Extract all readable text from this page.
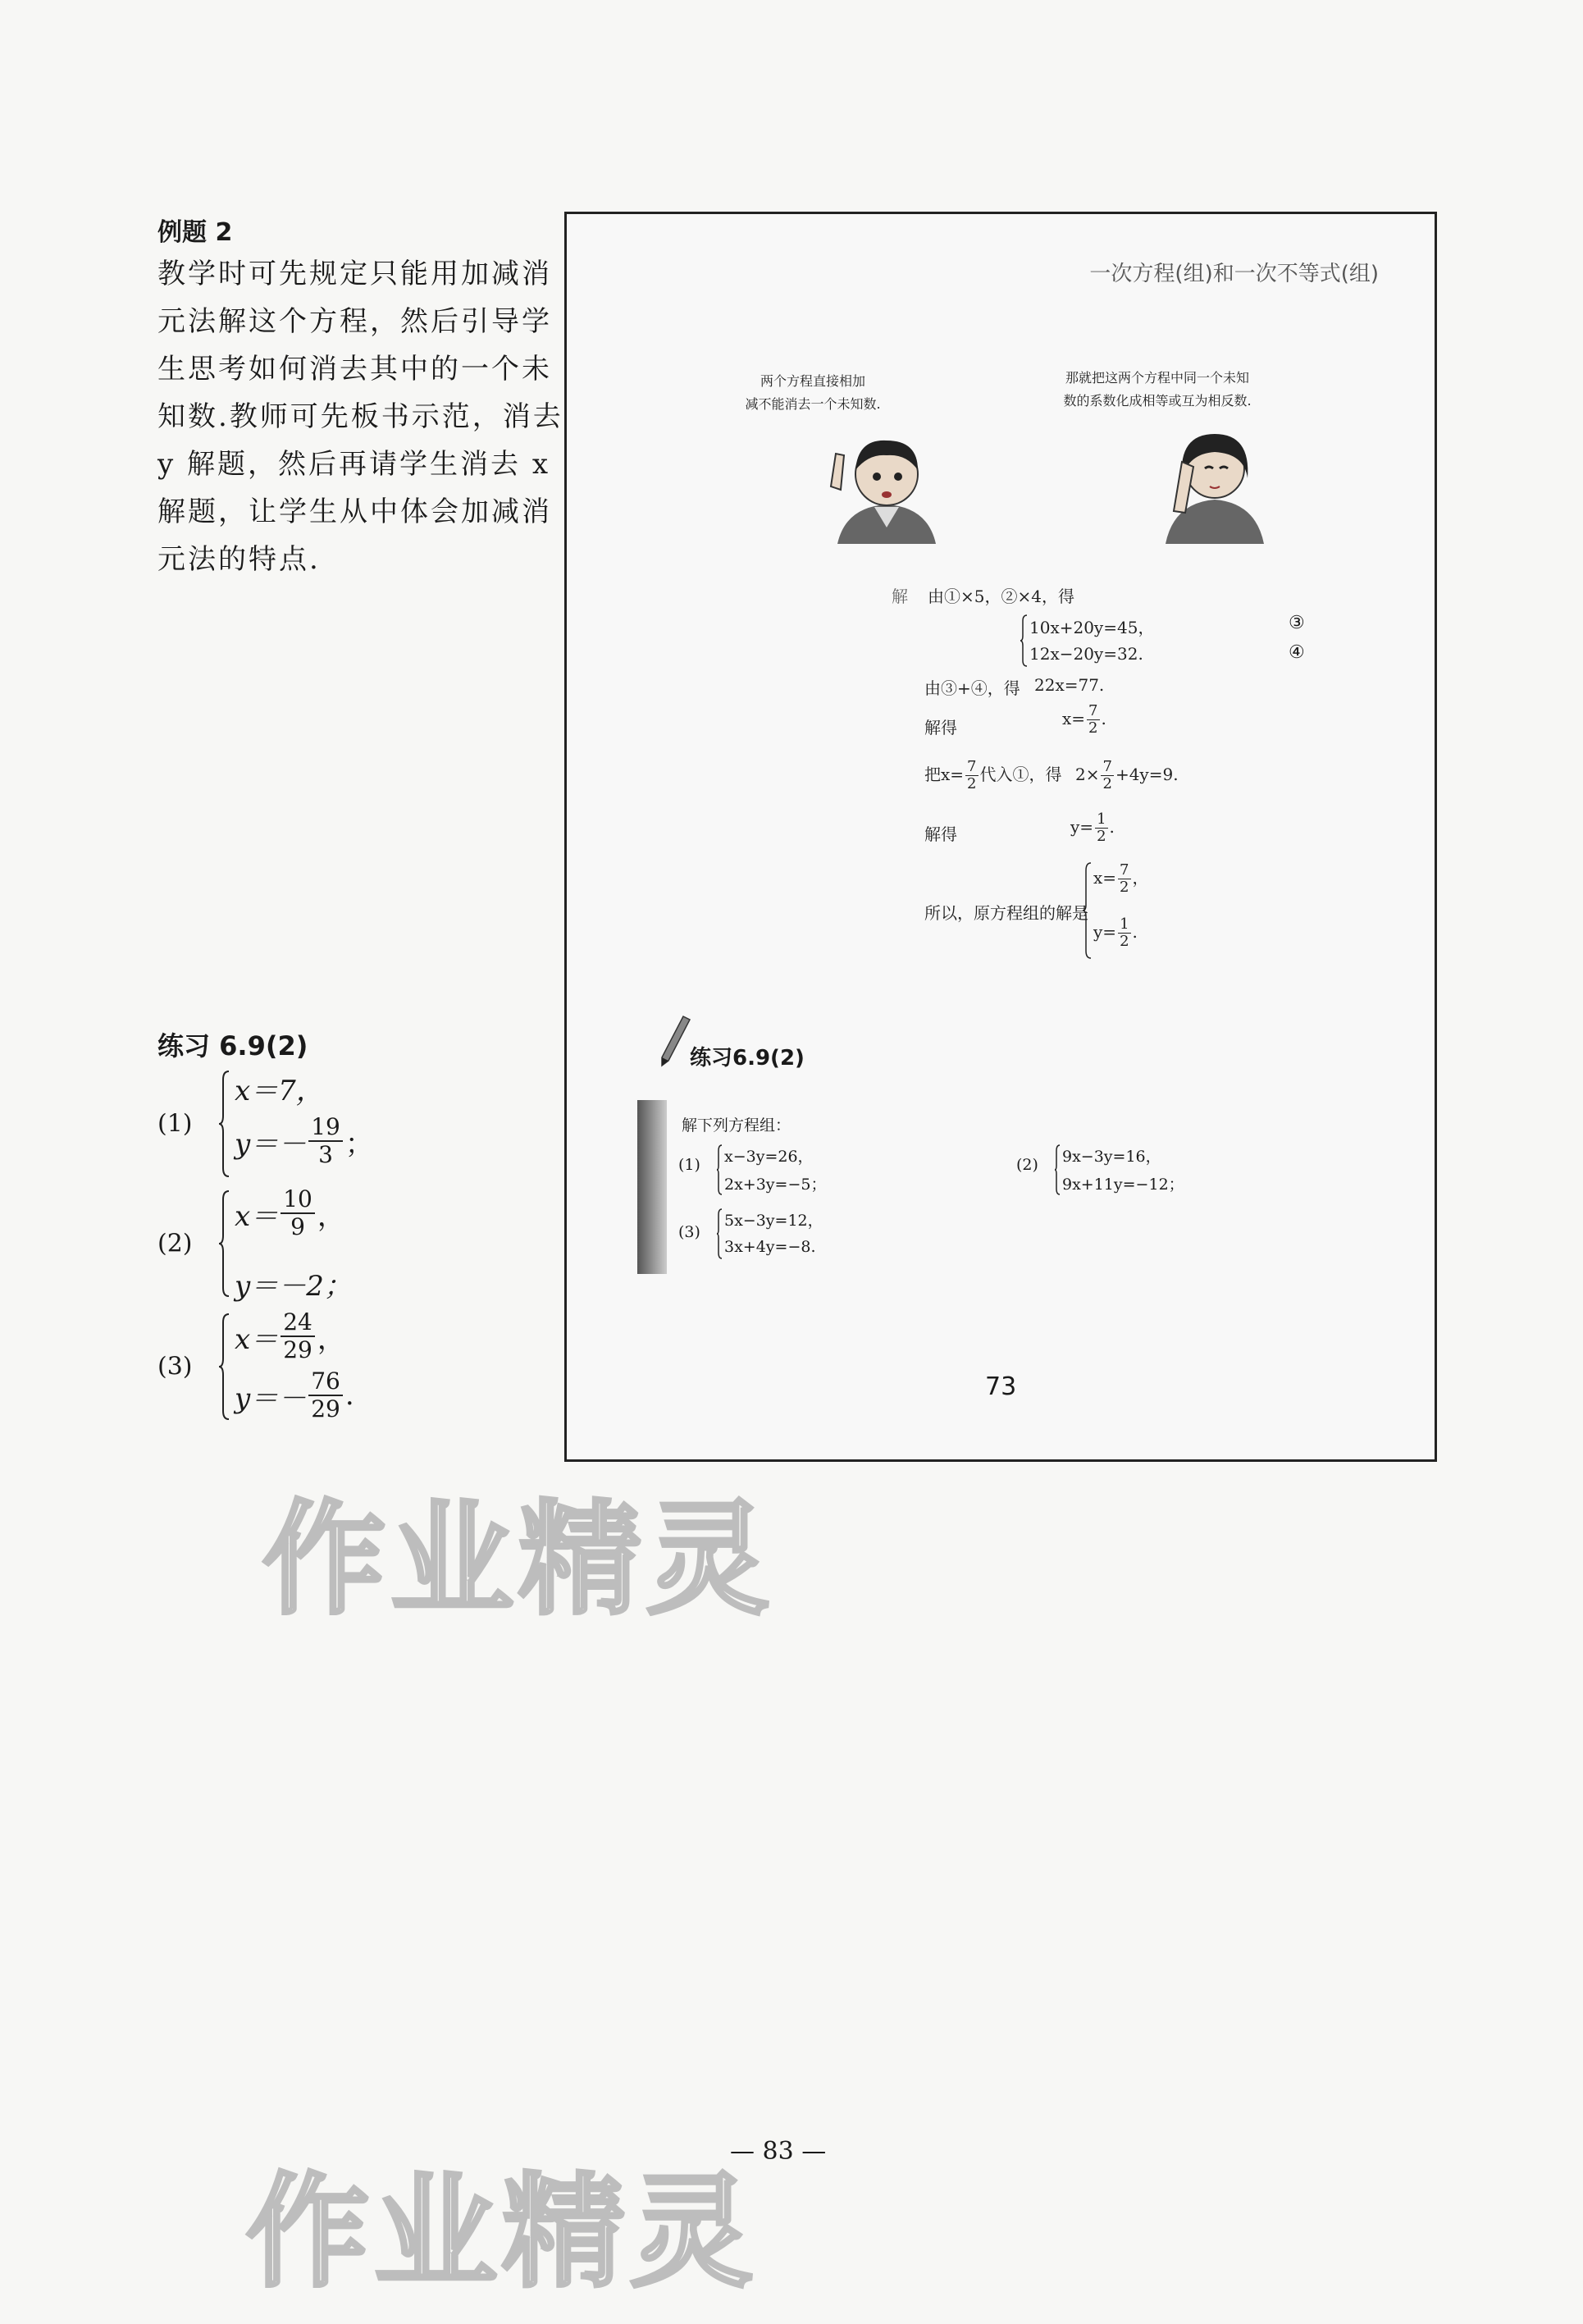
例题 2
教学时可先规定只能用加减消
元法解这个方程，然后引导学
生思考如何消去其中的一个未
知数.教师可先板书示范，消去
y 解题，然后再请学生消去 x
解题，让学生从中体会加减消
元法的特点.
练习 6.9(2)
(1)
x＝7，
$y=- \frac{19}{3}$ ；
(2)
$x= \frac{10}{9}$ ，
y＝－2；
(3)
$x= \frac{24}{29}$ ，
$y=- \frac{76}{29}$ .
一次方程(组)和一次不等式(组)
两个方程直接相加
减不能消去一个未知数.
那就把这两个方程中同一个未知
数的系数化成相等或互为相反数.
解 由①×5，②×4，得
10x+20y=45，
12x−20y=32.
③
④
由③+④，得 22x=77.
解得	$x= \frac{7}{2}$ .
把$x= \frac{7}{2}$ 代入①，得 $2\times \frac{7}{2} +4y=9$.
解得	$y= \frac{1}{2}$ .
所以，原方程组的解是
$x= \frac{7}{2}$ ，
$y= \frac{1}{2}$ .
练习6.9(2)
解下列方程组：
(1) x−3y=26，
2x+3y=−5；
(2) 9x−3y=16，
9x+11y=−12；
(3)
5x−3y=12，
3x+4y=−8.
73
作业精灵
作业精灵
— 83 —
